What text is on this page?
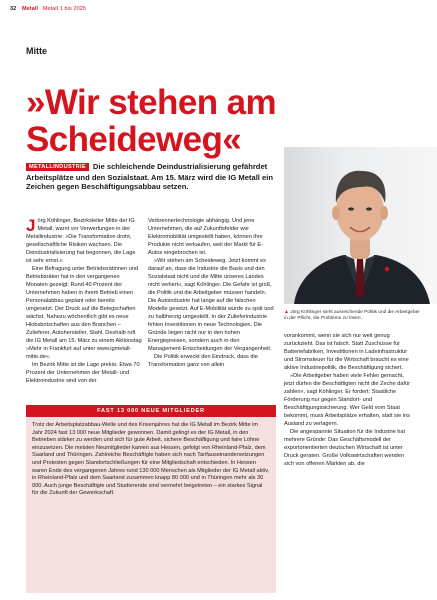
32 Metall Metall 1 bis 2025
Mitte
»Wir stehen am
Scheideweg«
METALLINDUSTRIE Die schleichende Deindustrialisierung gefährdet Arbeitsplätze und den Sozialstaat. Am 15. März wird die IG Metall ein Zeichen gegen Beschäftigungsabbau setzen.
▲ Jörg Köhlinger sieht ausreichende Politik und die Arbeitgeber in der Pflicht, die Probleme zu lösen.

Jörg Köhlinger, Bezirksleiter Mitte der IG Metall, warnt vor Verwerfungen in der Metallindustrie: »Die Transformation droht, gesellschaftliche Risiken wachsen. Die Deindustrialisierung hat begonnen, die Lage ist sehr ernst.«

Eine Befragung unter Betriebsrätinnen und Betriebsräten hat in den vergangenen Monaten gezeigt: Rund 40 Prozent der Unternehmen haben in ihrem Betrieb einen Personalabbau geplant oder bereits umgesetzt. Der Druck auf die Belegschaften wächst. Nahezu wöchentlich gibt es neue Hiobsbotschaften aus den Branchen – Zulieferer, Autohersteller, Stahl. Deshalb ruft die IG Metall am 15. März zu einem Aktionstag »Mehr in Frankfurt auf unter www.igmetall-mitte.de«.

Im Bezirk Mitte ist die Lage prekär. Etwa 70 Prozent der Unternehmen der Metall- und Elektroindustrie sind von der

Verbrennertechnologie abhängig. Und jene Unternehmen, die auf Zukunftsfelder wie Elektromobilität umgestellt haben, können ihre Produkte nicht verkaufen, weil der Markt für E-Autos eingebrochen ist.

»Wir stehen am Scheideweg. Jetzt kommt es darauf an, dass die Industrie die Basis und den Sozialstaat nicht und die Mitte unseres Landes nicht verliert«, sagt Köhlinger. Die Gefahr ist groß, die Politik und die Arbeitgeber müssen handeln. Die Autoindustrie hat lange auf die falschen Modelle gesetzt. Auf E-Mobilität wurde zu spät und zu halbherzig umgestellt. In der Zulieferindustrie fehlen Investitionen in neue Technologien. Die Gründe liegen nicht nur in den hohen Energiepreisen, sondern auch in den Management-Entscheidungen der Vergangenheit.

Die Politik erweckt den Eindruck, dass die Transformation ganz von allein

vorankommt, wenn sie sich nur weit genug zurückzieht. Das ist falsch. Statt Zuschüsse für Batteriefabriken, Investitionen in Ladeinfrastruktur und Stromsteuer für die Wirtschaft braucht es eine aktive Industriepolitik, die Beschäftigung sichert.

»Die Arbeitgeber haben viele Fehler gemacht, jetzt dürfen die Beschäftigten nicht die Zeche dafür zahlen«, sagt Köhlinger. Er fordert: Staatliche Förderung nur gegen Standort- und Beschäftigungssicherung. Wer Geld vom Staat bekommt, muss Arbeitsplätze erhalten, statt sie ins Ausland zu verlagern.

Die angespannte Situation für die Industrie hat mehrere Gründe: Das Geschäftsmodell der exportorientierten deutschen Wirtschaft ist unter Druck geraten. Große Volkswirtschaften wenden sich von offenen Märkten ab, die

FAST 13 000 NEUE MITGLIEDER
Trotz der Arbeitsplatzabbau-Welle und des Krisenjahres hat die IG Metall im Bezirk Mitte im Jahr 2024 fast 13 000 neue Mitglieder gewonnen. Damit gelingt es der IG Metall, in den Betrieben stärker zu werden und sich für gute Arbeit, sichere Beschäftigung und faire Löhne einzusetzen. Die meisten Neumitglieder kamen aus Hessen, gefolgt von Rheinland-Pfalz, dem Saarland und Thüringen. Zahlreiche Beschäftigte haben sich nach Tarifauseinandersetzungen und Protesten gegen Standortschließungen für eine Mitgliedschaft entschieden. In Hessen waren Ende des vergangenen Jahres rund 130 000 Menschen als Mitglieder der IG Metall aktiv, in Rheinland-Pfalz und dem Saarland zusammen knapp 80 000 und in Thüringen mehr als 30 000. Auch junge Beschäftigte und Studierende sind vermehrt beigetreten – ein starkes Signal für die Zukunft der Gewerkschaft.
